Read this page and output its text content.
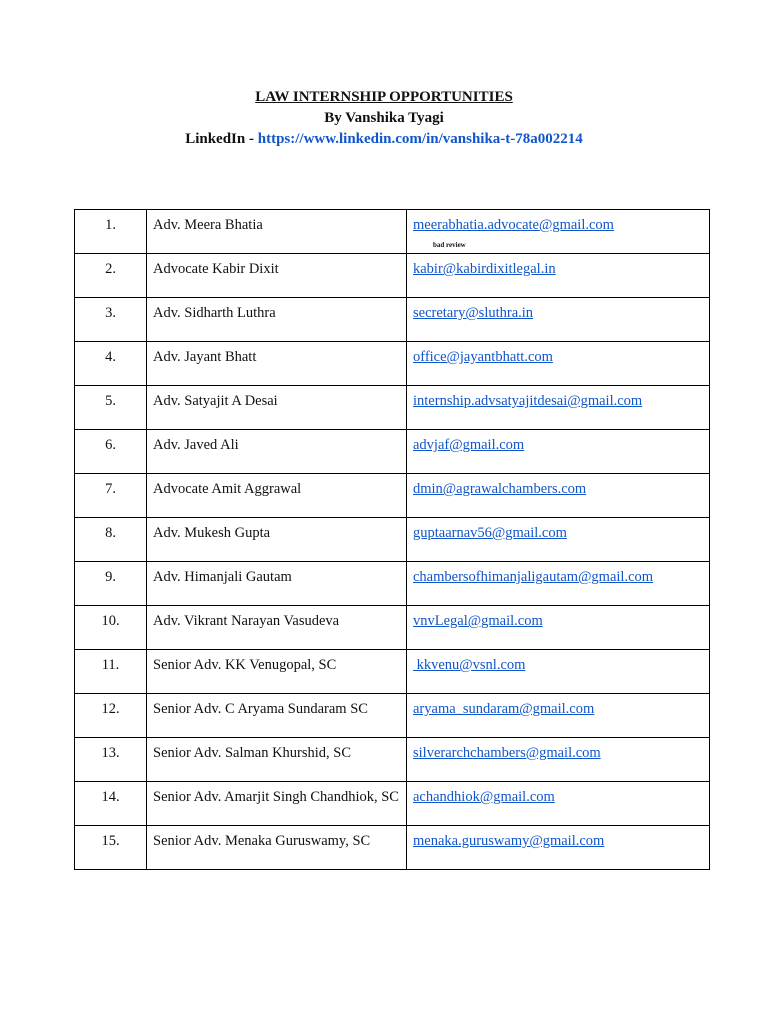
LAW INTERNSHIP OPPORTUNITIES
By Vanshika Tyagi
LinkedIn - https://www.linkedin.com/in/vanshika-t-78a002214
1.	Adv. Meera Bhatia	meerabhatia.advocate@gmail.com
bad review

2.	Advocate Kabir Dixit	kabir@kabirdixitlegal.in
3.	Adv. Sidharth Luthra	secretary@sluthra.in
4.	Adv. Jayant Bhatt	office@jayantbhatt.com
5.	Adv. Satyajit A Desai	internship.advsatyajitdesai@gmail.com
6.	Adv. Javed Ali	advjaf@gmail.com
7.	Advocate Amit Aggrawal	dmin@agrawalchambers.com
8.	Adv. Mukesh Gupta	guptaarnav56@gmail.com
9.	Adv. Himanjali Gautam	chambersofhimanjaligautam@gmail.com
10.	Adv. Vikrant Narayan Vasudeva	vnvLegal@gmail.com
11.	Senior Adv. KK Venugopal, SC	kkvenu@vsnl.com
12.	Senior Adv. C Aryama Sundaram SC	aryama_sundaram@gmail.com
13.	Senior Adv. Salman Khurshid, SC	silverarchchambers@gmail.com
14.	Senior Adv. Amarjit Singh Chandhiok, SC	achandhiok@gmail.com
15.	Senior Adv. Menaka Guruswamy, SC	menaka.guruswamy@gmail.com
